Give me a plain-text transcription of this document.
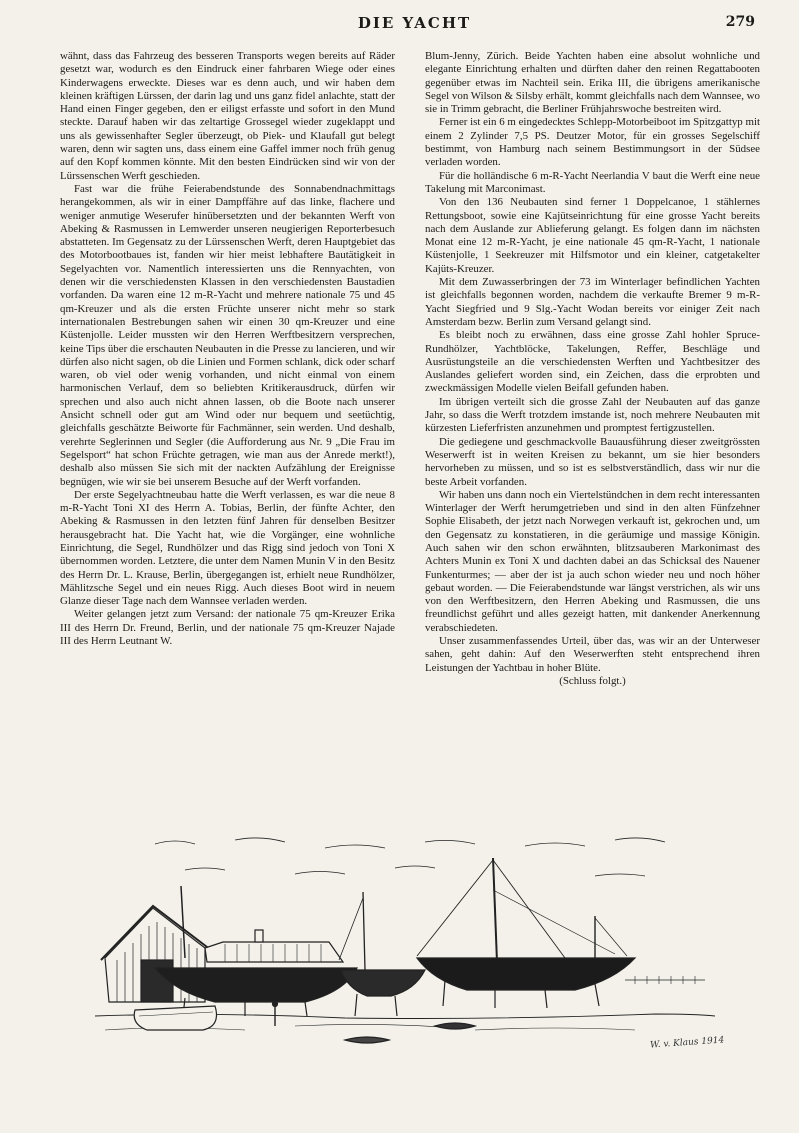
DIE YACHT	279

wähnt, dass das Fahrzeug des besseren Transports wegen bereits auf Räder gesetzt war, wodurch es den Eindruck einer fahrbaren Wiege oder eines Kinderwagens erweckte. Dieses war es denn auch, und wir haben dem kleinen kräftigen Lürssen, der darin lag und uns ganz fidel anlachte, statt der Hand einen Finger gegeben, den er eiligst erfasste und sofort in den Mund steckte. Darauf haben wir das zeltartige Grossegel wieder zugeklappt und uns als gewissenhafter Segler überzeugt, ob Piek- und Klaufall gut belegt waren, denn wir sagten uns, dass einem eine Gaffel immer noch früh genug auf den Kopf kommen könnte. Mit den besten Eindrücken sind wir von der Lürssenschen Werft geschieden.

Fast war die frühe Feierabendstunde des Sonnabendnachmittags herangekommen, als wir in einer Dampffähre auf das linke, flachere und weniger anmutige Weserufer hinübersetzten und der bekannten Werft von Abeking & Rasmussen in Lemwerder unseren neugierigen Reporterbesuch abstatteten. Im Gegensatz zu der Lürssenschen Werft, deren Hauptgebiet das des Motorbootbaues ist, fanden wir hier meist lebhaftere Bautätigkeit in Segelyachten vor. Namentlich interessierten uns die Rennyachten, von denen wir die verschiedensten Klassen in den verschiedensten Baustadien vorfanden. Da waren eine 12 m-R-Yacht und mehrere nationale 75 und 45 qm-Kreuzer und als die ersten Früchte unserer nicht mehr so stark internationalen Bestrebungen sahen wir einen 30 qm-Kreuzer und eine Küstenjolle. Leider mussten wir den Herren Werftbesitzern versprechen, keine Tips über die erschauten Neubauten in die Presse zu lancieren, und wir dürfen also nicht sagen, ob die Linien und Formen schlank, dick oder scharf waren, ob viel oder wenig vorhanden, und nicht einmal von einem harmonischen Verlauf, dem so beliebten Kritikerausdruck, dürfen wir sprechen und also auch nicht ahnen lassen, ob die Boote nach unserer Ansicht schnell oder gut am Wind oder nur bequem und seetüchtig, gleichfalls geschätzte Beiworte für Fachmänner, sein werden. Und deshalb, verehrte Seglerinnen und Segler (die Aufforderung aus Nr. 9 „Die Frau im Segelsport“ hat schon Früchte getragen, wie man aus der Anrede merkt!), deshalb also müssen Sie sich mit der nackten Aufzählung der Ereignisse begnügen, wie wir sie bei unserem Besuche auf der Werft vorfanden.

Der erste Segelyachtneubau hatte die Werft verlassen, es war die neue 8 m-R-Yacht Toni XI des Herrn A. Tobias, Berlin, der fünfte Achter, den Abeking & Rasmussen in den letzten fünf Jahren für denselben Besitzer herausgebracht hat. Die Yacht hat, wie die Vorgänger, eine wohnliche Einrichtung, die Segel, Rundhölzer und das Rigg sind jedoch von Toni X übernommen worden. Letztere, die unter dem Namen Munin V in den Besitz des Herrn Dr. L. Krause, Berlin, übergegangen ist, erhielt neue Rundhölzer, Mählitzsche Segel und ein neues Rigg. Auch dieses Boot wird in neuem Glanze dieser Tage nach dem Wannsee verladen werden.

Weiter gelangen jetzt zum Versand: der nationale 75 qm-Kreuzer Erika III des Herrn Dr. Freund, Berlin, und der nationale 75 qm-Kreuzer Najade III des Herrn Leutnant W.

Blum-Jenny, Zürich. Beide Yachten haben eine absolut wohnliche und elegante Einrichtung erhalten und dürften daher den reinen Regattabooten gegenüber etwas im Nachteil sein. Erika III, die übrigens amerikanische Segel von Wilson & Silsby erhält, kommt gleichfalls nach dem Wannsee, wo sie in Trimm gebracht, die Berliner Frühjahrswoche bestreiten wird.

Ferner ist ein 6 m eingedecktes Schlepp-Motorbeiboot im Spitzgattyp mit einem 2 Zylinder 7,5 PS. Deutzer Motor, für ein grosses Segelschiff bestimmt, von Hamburg nach seinem Bestimmungsort in der Südsee verladen worden.

Für die holländische 6 m-R-Yacht Neerlandia V baut die Werft eine neue Takelung mit Marconimast.

Von den 136 Neubauten sind ferner 1 Doppelcanoe, 1 stählernes Rettungsboot, sowie eine Kajütseinrichtung für eine grosse Yacht bereits nach dem Auslande zur Ablieferung gelangt. Es folgen dann im nächsten Monat eine 12 m-R-Yacht, je eine nationale 45 qm-R-Yacht, 1 nationale Küstenjolle, 1 Seekreuzer mit Hilfsmotor und ein kleiner, catgetakelter Kajüts-Kreuzer.

Mit dem Zuwasserbringen der 73 im Winterlager befindlichen Yachten ist gleichfalls begonnen worden, nachdem die verkaufte Bremer 9 m-R-Yacht Siegfried und 9 Slg.-Yacht Wodan bereits vor einiger Zeit nach Amsterdam bezw. Berlin zum Versand gelangt sind.

Es bleibt noch zu erwähnen, dass eine grosse Zahl hohler Spruce-Rundhölzer, Yachtblöcke, Takelungen, Reffer, Beschläge und Ausrüstungsteile an die verschiedensten Werften und Yachtbesitzer des Auslandes geliefert worden sind, ein Zeichen, dass die erprobten und zweckmässigen Modelle vielen Beifall gefunden haben.

Im übrigen verteilt sich die grosse Zahl der Neubauten auf das ganze Jahr, so dass die Werft trotzdem imstande ist, noch mehrere Neubauten mit kürzesten Lieferfristen anzunehmen und promptest fertigzustellen.

Die gediegene und geschmackvolle Bauausführung dieser zweitgrössten Weserwerft ist in weiten Kreisen zu bekannt, um sie hier besonders hervorheben zu müssen, und so ist es selbstverständlich, dass wir nur die beste Arbeit vorfanden.

Wir haben uns dann noch ein Viertelstündchen in dem recht interessanten Winterlager der Werft herumgetrieben und sind in den alten Fünfzehner Sophie Elisabeth, der jetzt nach Norwegen verkauft ist, gekrochen und, um den Gegensatz zu konstatieren, in die geräumige und massige Königin. Auch sahen wir den schon erwähnten, blitzsauberen Markonimast des Achters Munin ex Toni X und dachten dabei an das Schicksal des Nauener Funkenturmes; — aber der ist ja auch schon wieder neu und noch höher gebaut worden. — Die Feierabendstunde war längst verstrichen, als wir uns von den Werftbesitzern, den Herren Abeking und Rasmussen, die uns freundlichst geführt und alles gezeigt hatten, mit dankender Anerkennung verabschiedeten.

Unser zusammenfassendes Urteil, über das, was wir an der Unterweser sahen, geht dahin: Auf den Weserwerften steht entsprechend ihren Leistungen der Yachtbau in hoher Blüte.

(Schluss folgt.)

W. v. Klaus 1914
